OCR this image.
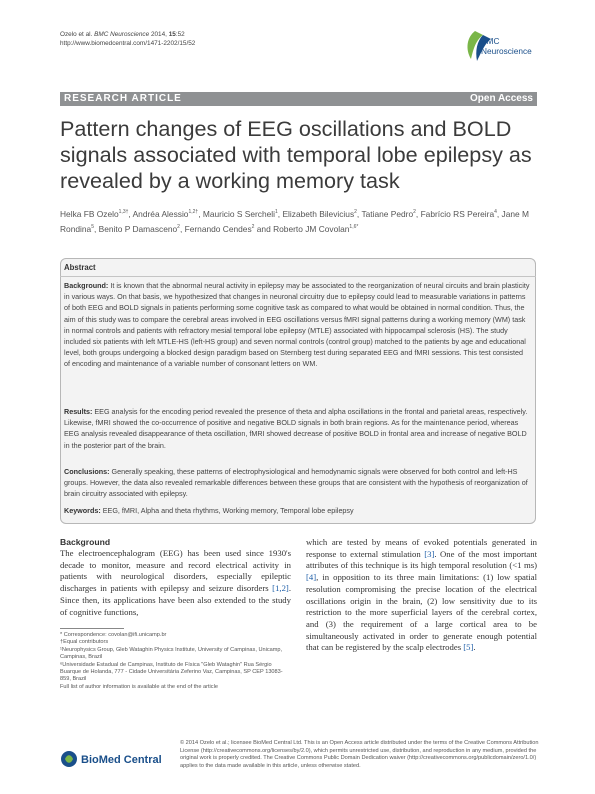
Ozelo et al. BMC Neuroscience 2014, 15:52
http://www.biomedcentral.com/1471-2202/15/52	BMC
Neuroscience
RESEARCH ARTICLE	Open Access
Pattern changes of EEG oscillations and BOLD signals associated with temporal lobe epilepsy as revealed by a working memory task
Helka FB Ozelo$^{1,3\dagger}$, Andréa Alessio$^{1,2\dagger}$, Mauricio S Sercheli$^1$, Elizabeth Bilevicius$^2$, Tatiane Pedro$^2$, Fabrício RS Pereira$^4$, Jane M Rondina$^5$, Benito P Damasceno$^2$, Fernando Cendes$^2$ and Roberto JM Covolan$^{1,6*}$
Abstract
Background: It is known that the abnormal neural activity in epilepsy may be associated to the reorganization of neural circuits and brain plasticity in various ways. On that basis, we hypothesized that changes in neuronal circuitry due to epilepsy could lead to measurable variations in patterns of both EEG and BOLD signals in patients performing some cognitive task as compared to what would be obtained in normal condition. Thus, the aim of this study was to compare the cerebral areas involved in EEG oscillations versus fMRI signal patterns during a working memory (WM) task in normal controls and patients with refractory mesial temporal lobe epilepsy (MTLE) associated with hippocampal sclerosis (HS). The study included six patients with left MTLE-HS (left-HS group) and seven normal controls (control group) matched to the patients by age and educational level, both groups undergoing a blocked design paradigm based on Sternberg test during separated EEG and fMRI sessions. This test consisted of encoding and maintenance of a variable number of consonant letters on WM.
Results: EEG analysis for the encoding period revealed the presence of theta and alpha oscillations in the frontal and parietal areas, respectively. Likewise, fMRI showed the co-occurrence of positive and negative BOLD signals in both brain regions. As for the maintenance period, whereas EEG analysis revealed disappearance of theta oscillation, fMRI showed decrease of positive BOLD in frontal area and increase of negative BOLD in the posterior part of the brain.
Conclusions: Generally speaking, these patterns of electrophysiological and hemodynamic signals were observed for both control and left-HS groups. However, the data also revealed remarkable differences between these groups that are consistent with the hypothesis of reorganization of brain circuitry associated with epilepsy.
Keywords: EEG, fMRI, Alpha and theta rhythms, Working memory, Temporal lobe epilepsy
Background
The electroencephalogram (EEG) has been used since 1930's decade to monitor, measure and record electrical activity in patients with neurological disorders, especially epileptic discharges in patients with epilepsy and seizure disorders [1,2]. Since then, its applications have been also extended to the study of cognitive functions,
* Correspondence: covolan@ifi.unicamp.br
†Equal contributors
¹Neurophysics Group, Gleb Wataghin Physics Institute, University of Campinas, Unicamp, Campinas, Brazil
⁶Universidade Estadual de Campinas, Instituto de Física "Gleb Wataghin" Rua Sérgio Buarque de Holanda, 777 - Cidade Universitária Zeferino Vaz, Campinas, SP CEP 13083-859, Brazil
Full list of author information is available at the end of the article
which are tested by means of evoked potentials generated in response to external stimulation [3]. One of the most important attributes of this technique is its high temporal resolution (<1 ms) [4], in opposition to its three main limitations: (1) low spatial resolution compromising the precise location of the electrical oscillations origin in the brain, (2) low sensitivity due to its restriction to the more superficial layers of the cerebral cortex, and (3) the requirement of a large cortical area to be simultaneously activated in order to generate enough potential that can be registered by the scalp electrodes [5].
BioMed Central
© 2014 Ozelo et al.; licensee BioMed Central Ltd. This is an Open Access article distributed under the terms of the Creative Commons Attribution License (http://creativecommons.org/licenses/by/2.0), which permits unrestricted use, distribution, and reproduction in any medium, provided the original work is properly credited. The Creative Commons Public Domain Dedication waiver (http://creativecommons.org/publicdomain/zero/1.0/) applies to the data made available in this article, unless otherwise stated.
